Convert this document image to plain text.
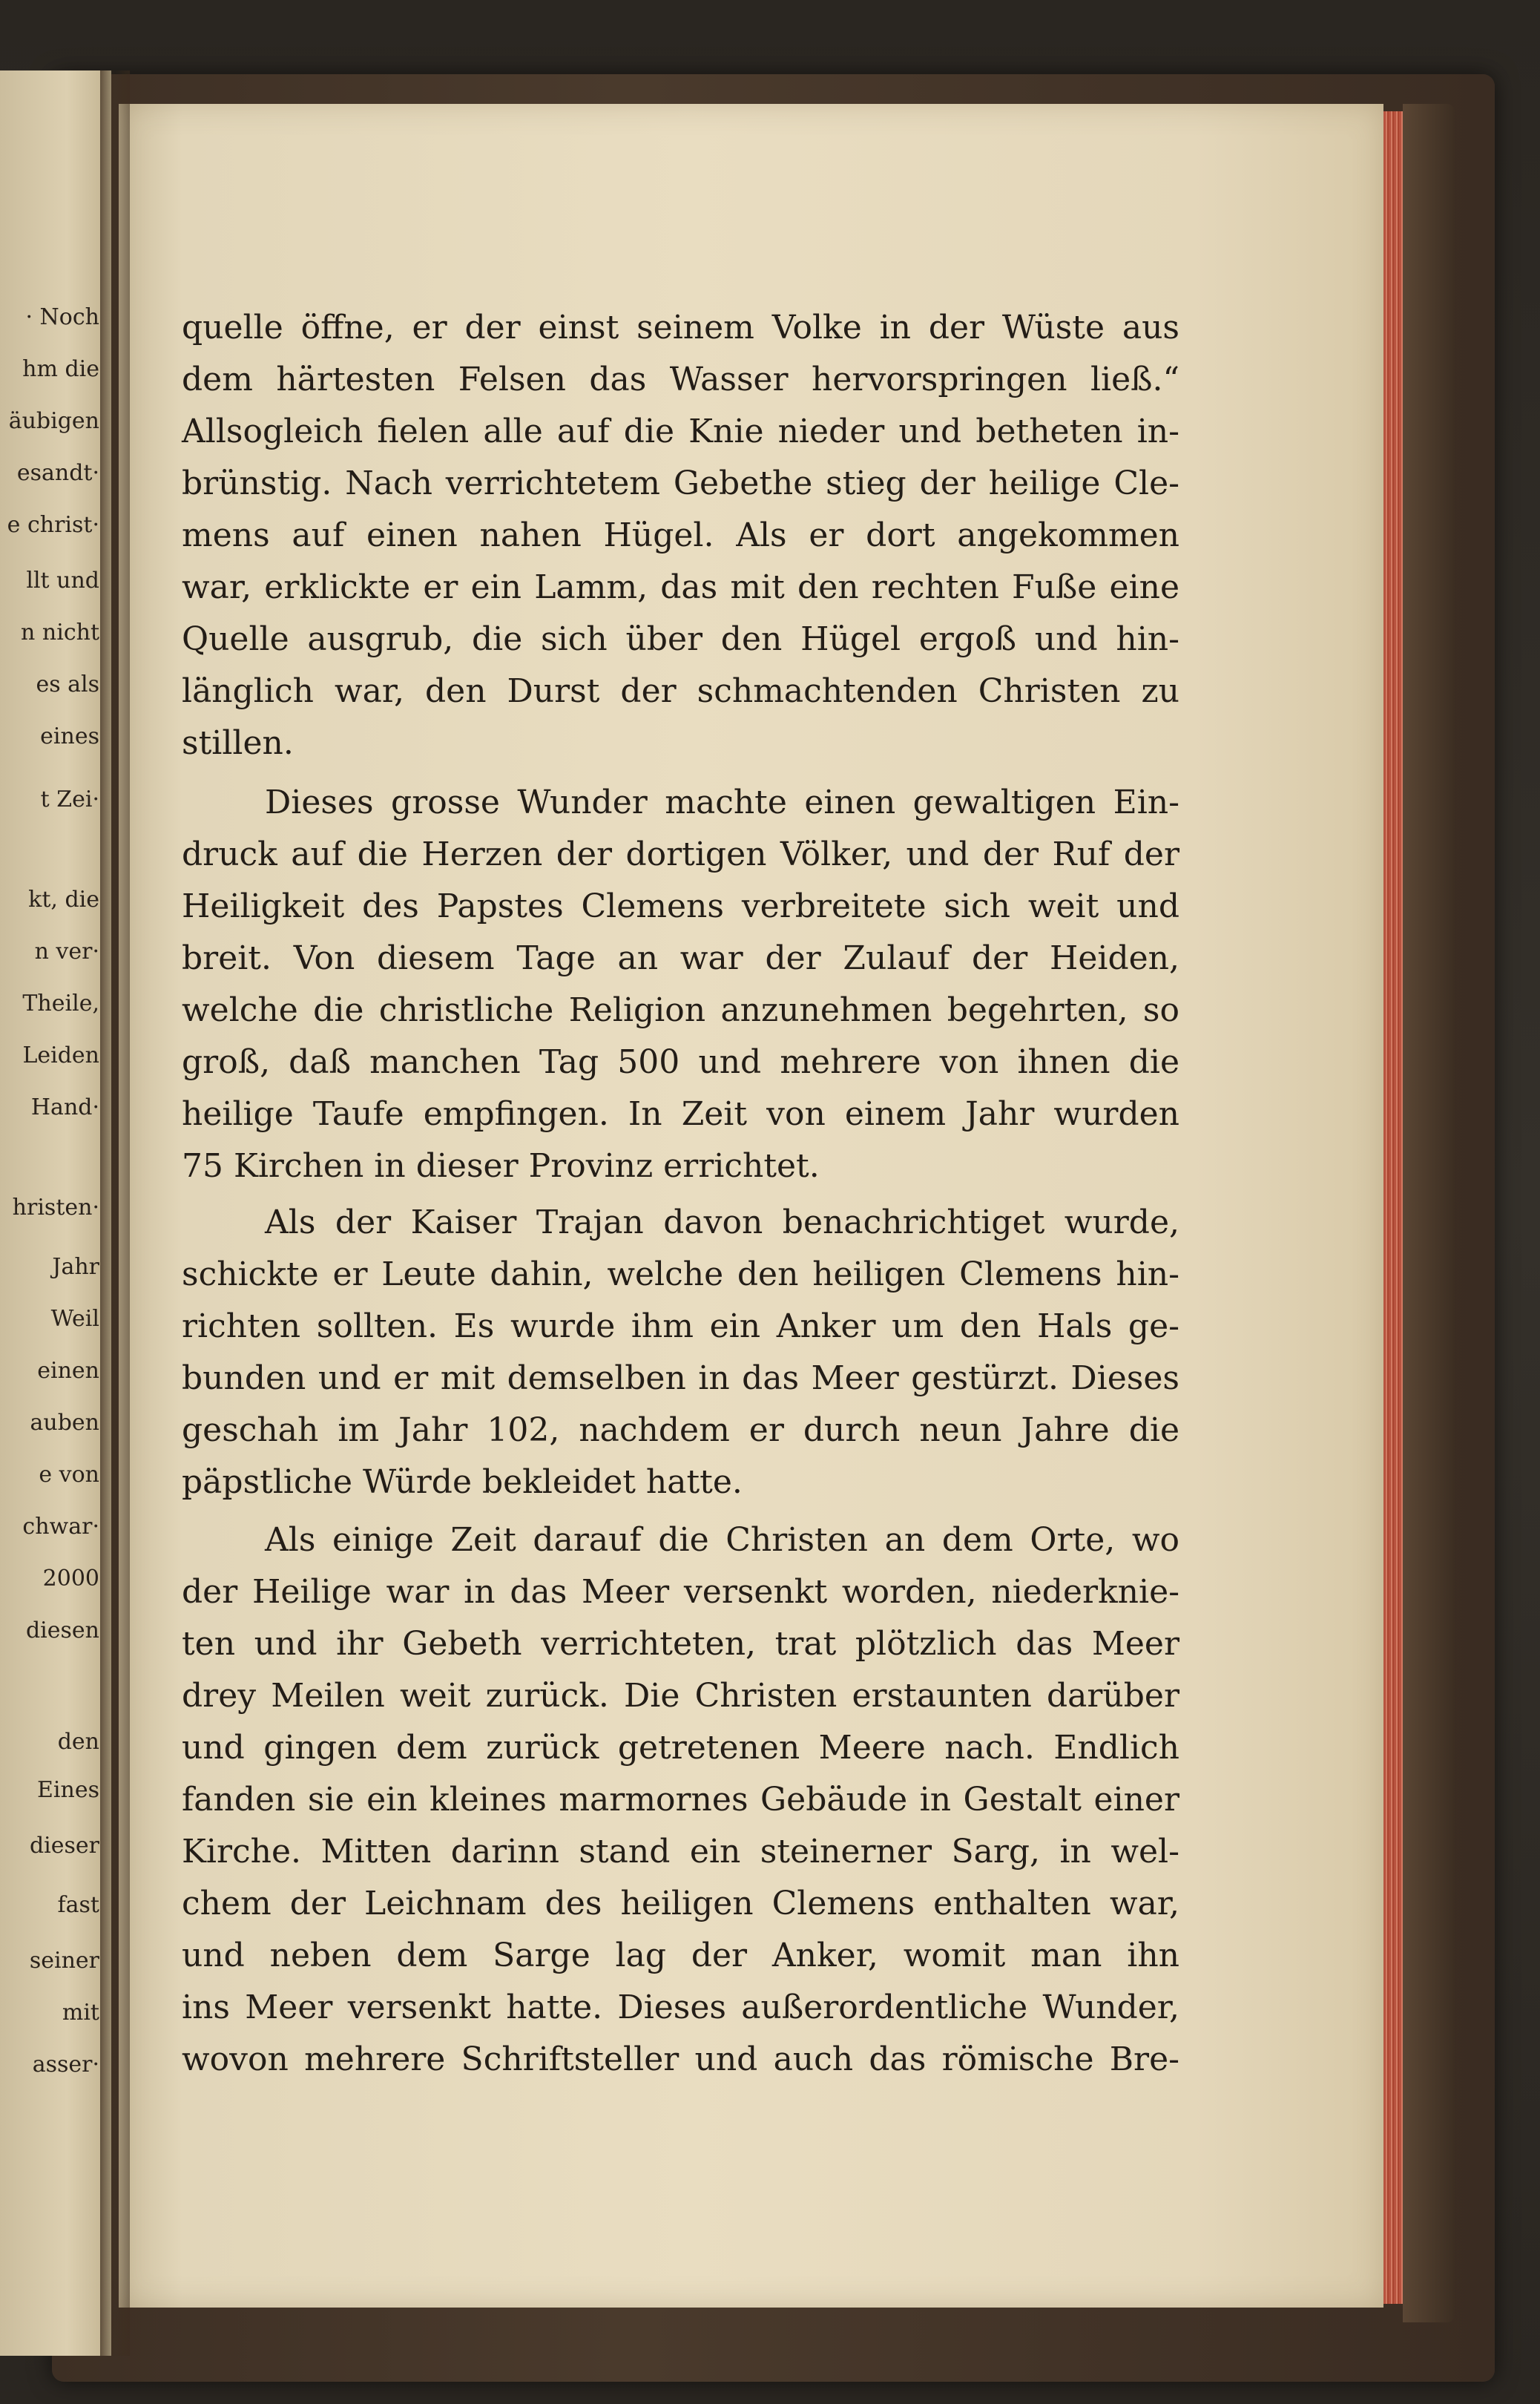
· Noch
hm die
äubigen
esandt·
e christ·
llt und
n nicht
es als
eines
t Zei·
kt, die
n ver·
Theile,
Leiden
Hand·
hristen·
Jahr
Weil
einen
auben
e von
chwar·
2000
diesen
den
Eines
dieser
fast
seiner
mit
asser·
quelle öffne, er der einst seinem Volke in der Wüste aus
dem härtesten Felsen das Wasser hervorspringen ließ.“
Allsogleich fielen alle auf die Knie nieder und betheten in-
brünstig. Nach verrichtetem Gebethe stieg der heilige Cle-
mens auf einen nahen Hügel. Als er dort angekommen
war, erklickte er ein Lamm, das mit den rechten Fuße eine
Quelle ausgrub, die sich über den Hügel ergoß und hin-
länglich war, den Durst der schmachtenden Christen zu
stillen.
Dieses grosse Wunder machte einen gewaltigen Ein-
druck auf die Herzen der dortigen Völker, und der Ruf der
Heiligkeit des Papstes Clemens verbreitete sich weit und
breit. Von diesem Tage an war der Zulauf der Heiden,
welche die christliche Religion anzunehmen begehrten, so
groß, daß manchen Tag 500 und mehrere von ihnen die
heilige Taufe empfingen. In Zeit von einem Jahr wurden
75 Kirchen in dieser Provinz errichtet.
Als der Kaiser Trajan davon benachrichtiget wurde,
schickte er Leute dahin, welche den heiligen Clemens hin-
richten sollten. Es wurde ihm ein Anker um den Hals ge-
bunden und er mit demselben in das Meer gestürzt. Dieses
geschah im Jahr 102, nachdem er durch neun Jahre die
päpstliche Würde bekleidet hatte.
Als einige Zeit darauf die Christen an dem Orte, wo
der Heilige war in das Meer versenkt worden, niederknie-
ten und ihr Gebeth verrichteten, trat plötzlich das Meer
drey Meilen weit zurück. Die Christen erstaunten darüber
und gingen dem zurück getretenen Meere nach. Endlich
fanden sie ein kleines marmornes Gebäude in Gestalt einer
Kirche. Mitten darinn stand ein steinerner Sarg, in wel-
chem der Leichnam des heiligen Clemens enthalten war,
und neben dem Sarge lag der Anker, womit man ihn
ins Meer versenkt hatte. Dieses außerordentliche Wunder,
wovon mehrere Schriftsteller und auch das römische Bre-
